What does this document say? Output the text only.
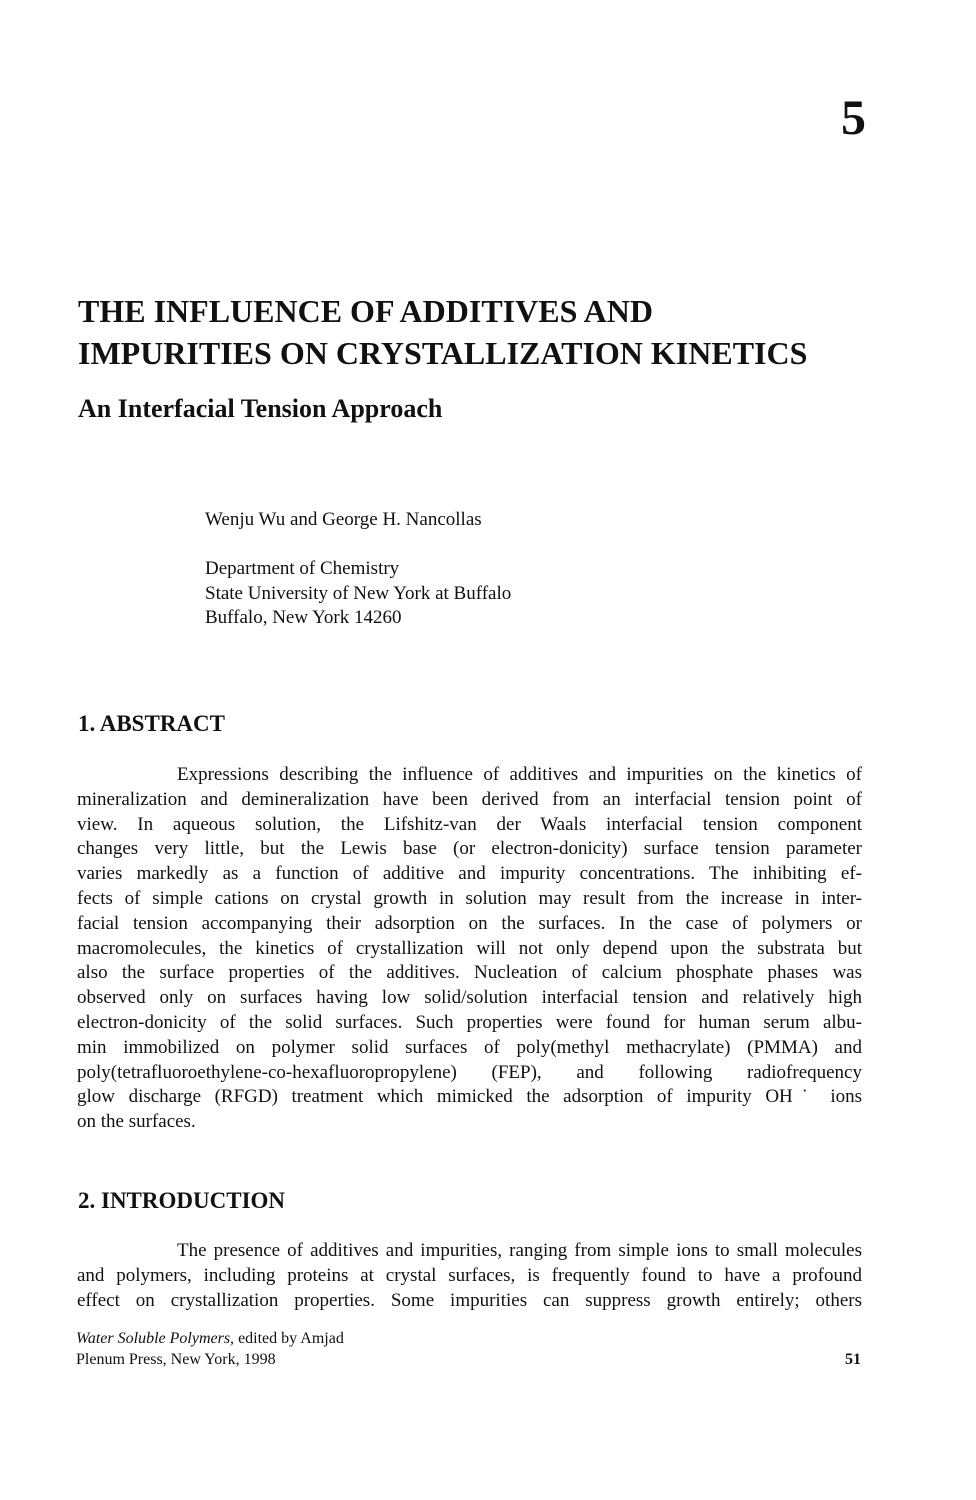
5
THE INFLUENCE OF ADDITIVES AND
IMPURITIES ON CRYSTALLIZATION KINETICS
An Interfacial Tension Approach
Wenju Wu and George H. Nancollas
Department of Chemistry
State University of New York at Buffalo
Buffalo, New York 14260
1. ABSTRACT
Expressions describing the influence of additives and impurities on the kinetics of
mineralization and demineralization have been derived from an interfacial tension point of
view. In aqueous solution, the Lifshitz-van der Waals interfacial tension component
changes very little, but the Lewis base (or electron-donicity) surface tension parameter
varies markedly as a function of additive and impurity concentrations. The inhibiting ef-
fects of simple cations on crystal growth in solution may result from the increase in inter-
facial tension accompanying their adsorption on the surfaces. In the case of polymers or
macromolecules, the kinetics of crystallization will not only depend upon the substrata but
also the surface properties of the additives. Nucleation of calcium phosphate phases was
observed only on surfaces having low solid/solution interfacial tension and relatively high
electron-donicity of the solid surfaces. Such properties were found for human serum albu-
min immobilized on polymer solid surfaces of poly(methyl methacrylate) (PMMA) and
poly(tetrafluoroethylene-co-hexafluoropropylene) (FEP), and following radiofrequency
glow discharge (RFGD) treatment which mimicked the adsorption of impurity OH˙ ions
on the surfaces.
2. INTRODUCTION
The presence of additives and impurities, ranging from simple ions to small molecules
and polymers, including proteins at crystal surfaces, is frequently found to have a profound
effect on crystallization properties. Some impurities can suppress growth entirely; others
Water Soluble Polymers, edited by Amjad
Plenum Press, New York, 1998	51
